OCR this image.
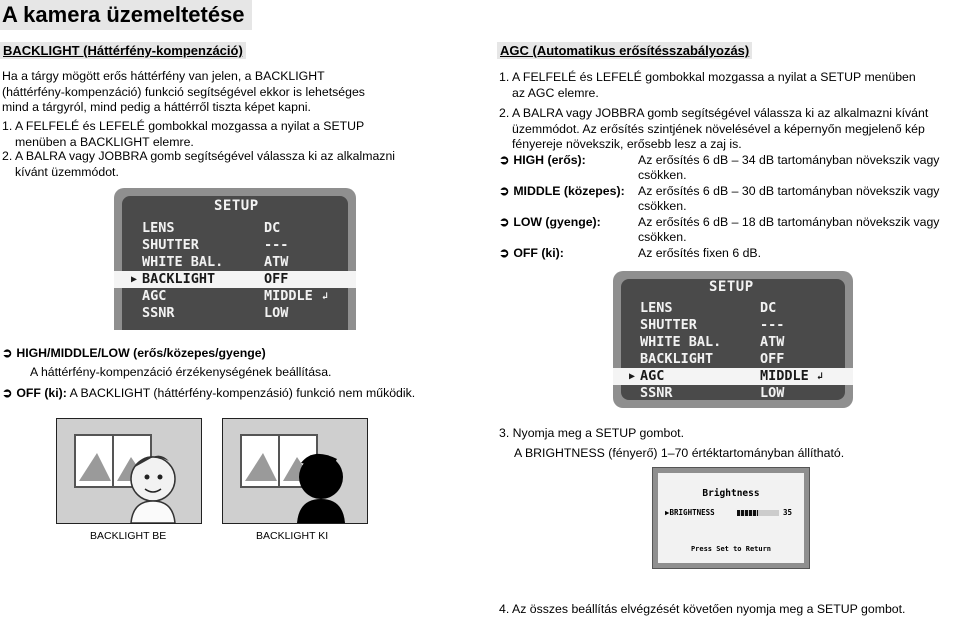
A kamera üzemeltetése
BACKLIGHT (Háttérfény-kompenzáció)
Ha a tárgy mögött erős háttérfény van jelen, a BACKLIGHT
(háttérfény-kompenzáció) funkció segítségével ekkor is lehetséges
mind a tárgyról, mind pedig a háttérről tiszta képet kapni.
1. A FELFELÉ és LEFELÉ gombokkal mozgassa a nyilat a SETUP
menüben a BACKLIGHT elemre.
2. A BALRA vagy JOBBRA gomb segítségével válassza ki az alkalmazni
kívánt üzemmódot.
SETUP
LENS	DC
SHUTTER	---
WHITE BAL.	ATW
▶ BACKLIGHT	OFF
AGC	MIDDLE ↲
SSNR	LOW
➲ HIGH/MIDDLE/LOW (erős/közepes/gyenge)
A háttérfény-kompenzáció érzékenységének beállítása.
➲ OFF (ki): A BACKLIGHT (háttérfény-kompenzásió) funkció nem működik.
BACKLIGHT BE	BACKLIGHT KI
AGC (Automatikus erősítésszabályozás)
1. A FELFELÉ és LEFELÉ gombokkal mozgassa a nyilat a SETUP menüben
az AGC elemre.
2. A BALRA vagy JOBBRA gomb segítségével válassza ki az alkalmazni kívánt
üzemmódot. Az erősítés szintjének növelésével a képernyőn megjelenő kép
fényereje növekszik, erősebb lesz a zaj is.
➲ HIGH (erős):	Az erősítés 6 dB – 34 dB tartományban növekszik vagy
csökken.
➲ MIDDLE (közepes): Az erősítés 6 dB – 30 dB tartományban növekszik vagy
csökken.
➲ LOW (gyenge):	Az erősítés 6 dB – 18 dB tartományban növekszik vagy
csökken.
➲ OFF (ki):	Az erősítés fixen 6 dB.
SETUP
LENS	DC
SHUTTER	---
WHITE BAL.	ATW
BACKLIGHT	OFF
▶ AGC	MIDDLE ↲
SSNR	LOW
3. Nyomja meg a SETUP gombot.
A BRIGHTNESS (fényerő) 1–70 értéktartományban állítható.
Brightness
▶BRIGHTNESS	35
Press Set to Return
4. Az összes beállítás elvégzését követően nyomja meg a SETUP gombot.
